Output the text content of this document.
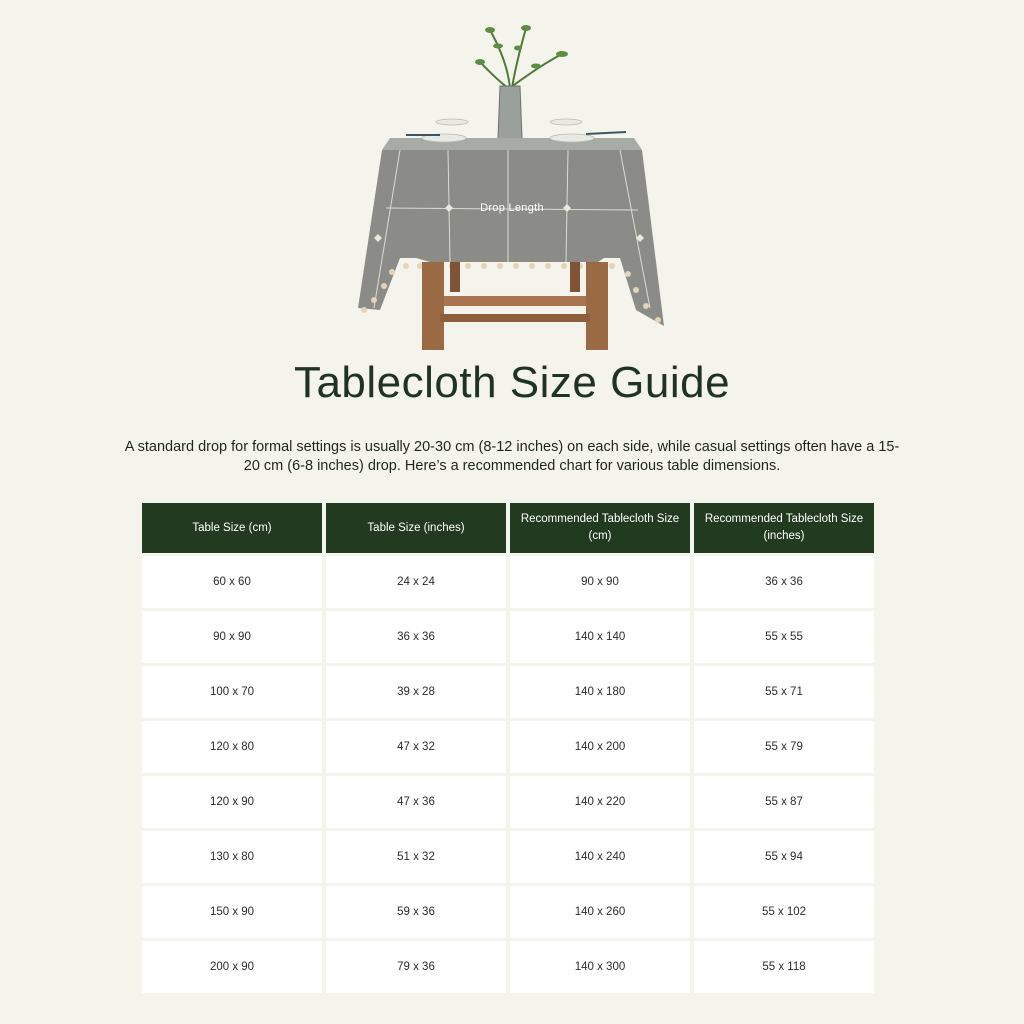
Drop Length
Tablecloth Size Guide

A standard drop for formal settings is usually 20-30 cm (8-12 inches) on each side, while casual settings often have a 15-20 cm (6-8 inches) drop. Here’s a recommended chart for various table dimensions.

Table Size (cm)	Table Size (inches)	Recommended Tablecloth Size (cm)	Recommended Tablecloth Size (inches)
60 x 60	24 x 24	90 x 90	36 x 36
90 x 90	36 x 36	140 x 140	55 x 55
100 x 70	39 x 28	140 x 180	55 x 71
120 x 80	47 x 32	140 x 200	55 x 79
120 x 90	47 x 36	140 x 220	55 x 87
130 x 80	51 x 32	140 x 240	55 x 94
150 x 90	59 x 36	140 x 260	55 x 102
200 x 90	79 x 36	140 x 300	55 x 118
